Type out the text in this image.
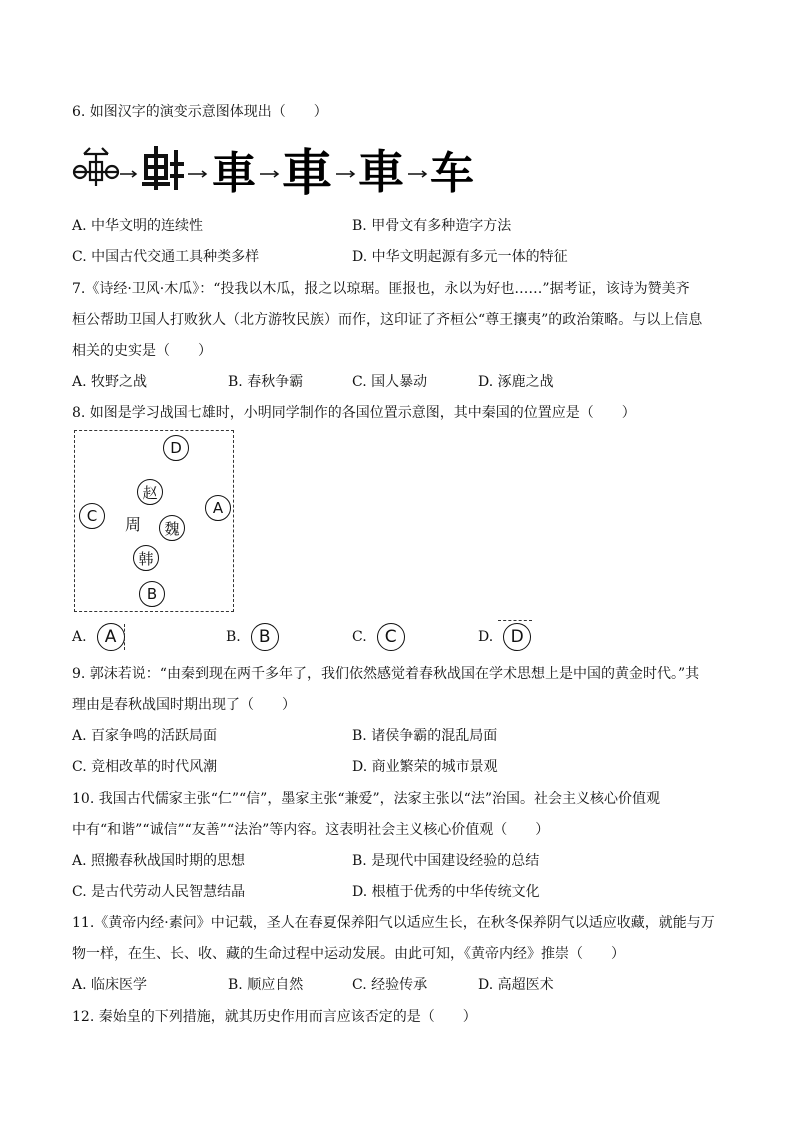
6. 如图汉字的演变示意图体现出（　　）
車 車 車 车
A. 中华文明的连续性	B. 甲骨文有多种造字方法
C. 中国古代交通工具种类多样	D. 中华文明起源有多元一体的特征
7.《诗经·卫风·木瓜》：“投我以木瓜，报之以琼琚。匪报也，永以为好也……”据考证，该诗为赞美齐
桓公帮助卫国人打败狄人（北方游牧民族）而作，这印证了齐桓公“尊王攘夷”的政治策略。与以上信息
相关的史实是（　　）
A. 牧野之战	B. 春秋争霸	C. 国人暴动	D. 涿鹿之战
8. 如图是学习战国七雄时，小明同学制作的各国位置示意图，其中秦国的位置应是（　　）
D
赵
C	周	魏
A
韩
B
A. A	B. B	C. C	D. D
9. 郭沫若说：“由秦到现在两千多年了，我们依然感觉着春秋战国在学术思想上是中国的黄金时代。”其
理由是春秋战国时期出现了（　　）
A. 百家争鸣的活跃局面	B. 诸侯争霸的混乱局面
C. 竞相改革的时代风潮	D. 商业繁荣的城市景观
10. 我国古代儒家主张“仁”“信”，墨家主张“兼爱”，法家主张以“法”治国。社会主义核心价值观
中有“和谐”“诚信”“友善”“法治”等内容。这表明社会主义核心价值观（　　）
A. 照搬春秋战国时期的思想	B. 是现代中国建设经验的总结
C. 是古代劳动人民智慧结晶	D. 根植于优秀的中华传统文化
11.《黄帝内经·素问》中记载，圣人在春夏保养阳气以适应生长，在秋冬保养阴气以适应收藏，就能与万
物一样，在生、长、收、藏的生命过程中运动发展。由此可知，《黄帝内经》推崇（　　）
A. 临床医学	B. 顺应自然	C. 经验传承	D. 高超医术
12. 秦始皇的下列措施，就其历史作用而言应该否定的是（　　）
